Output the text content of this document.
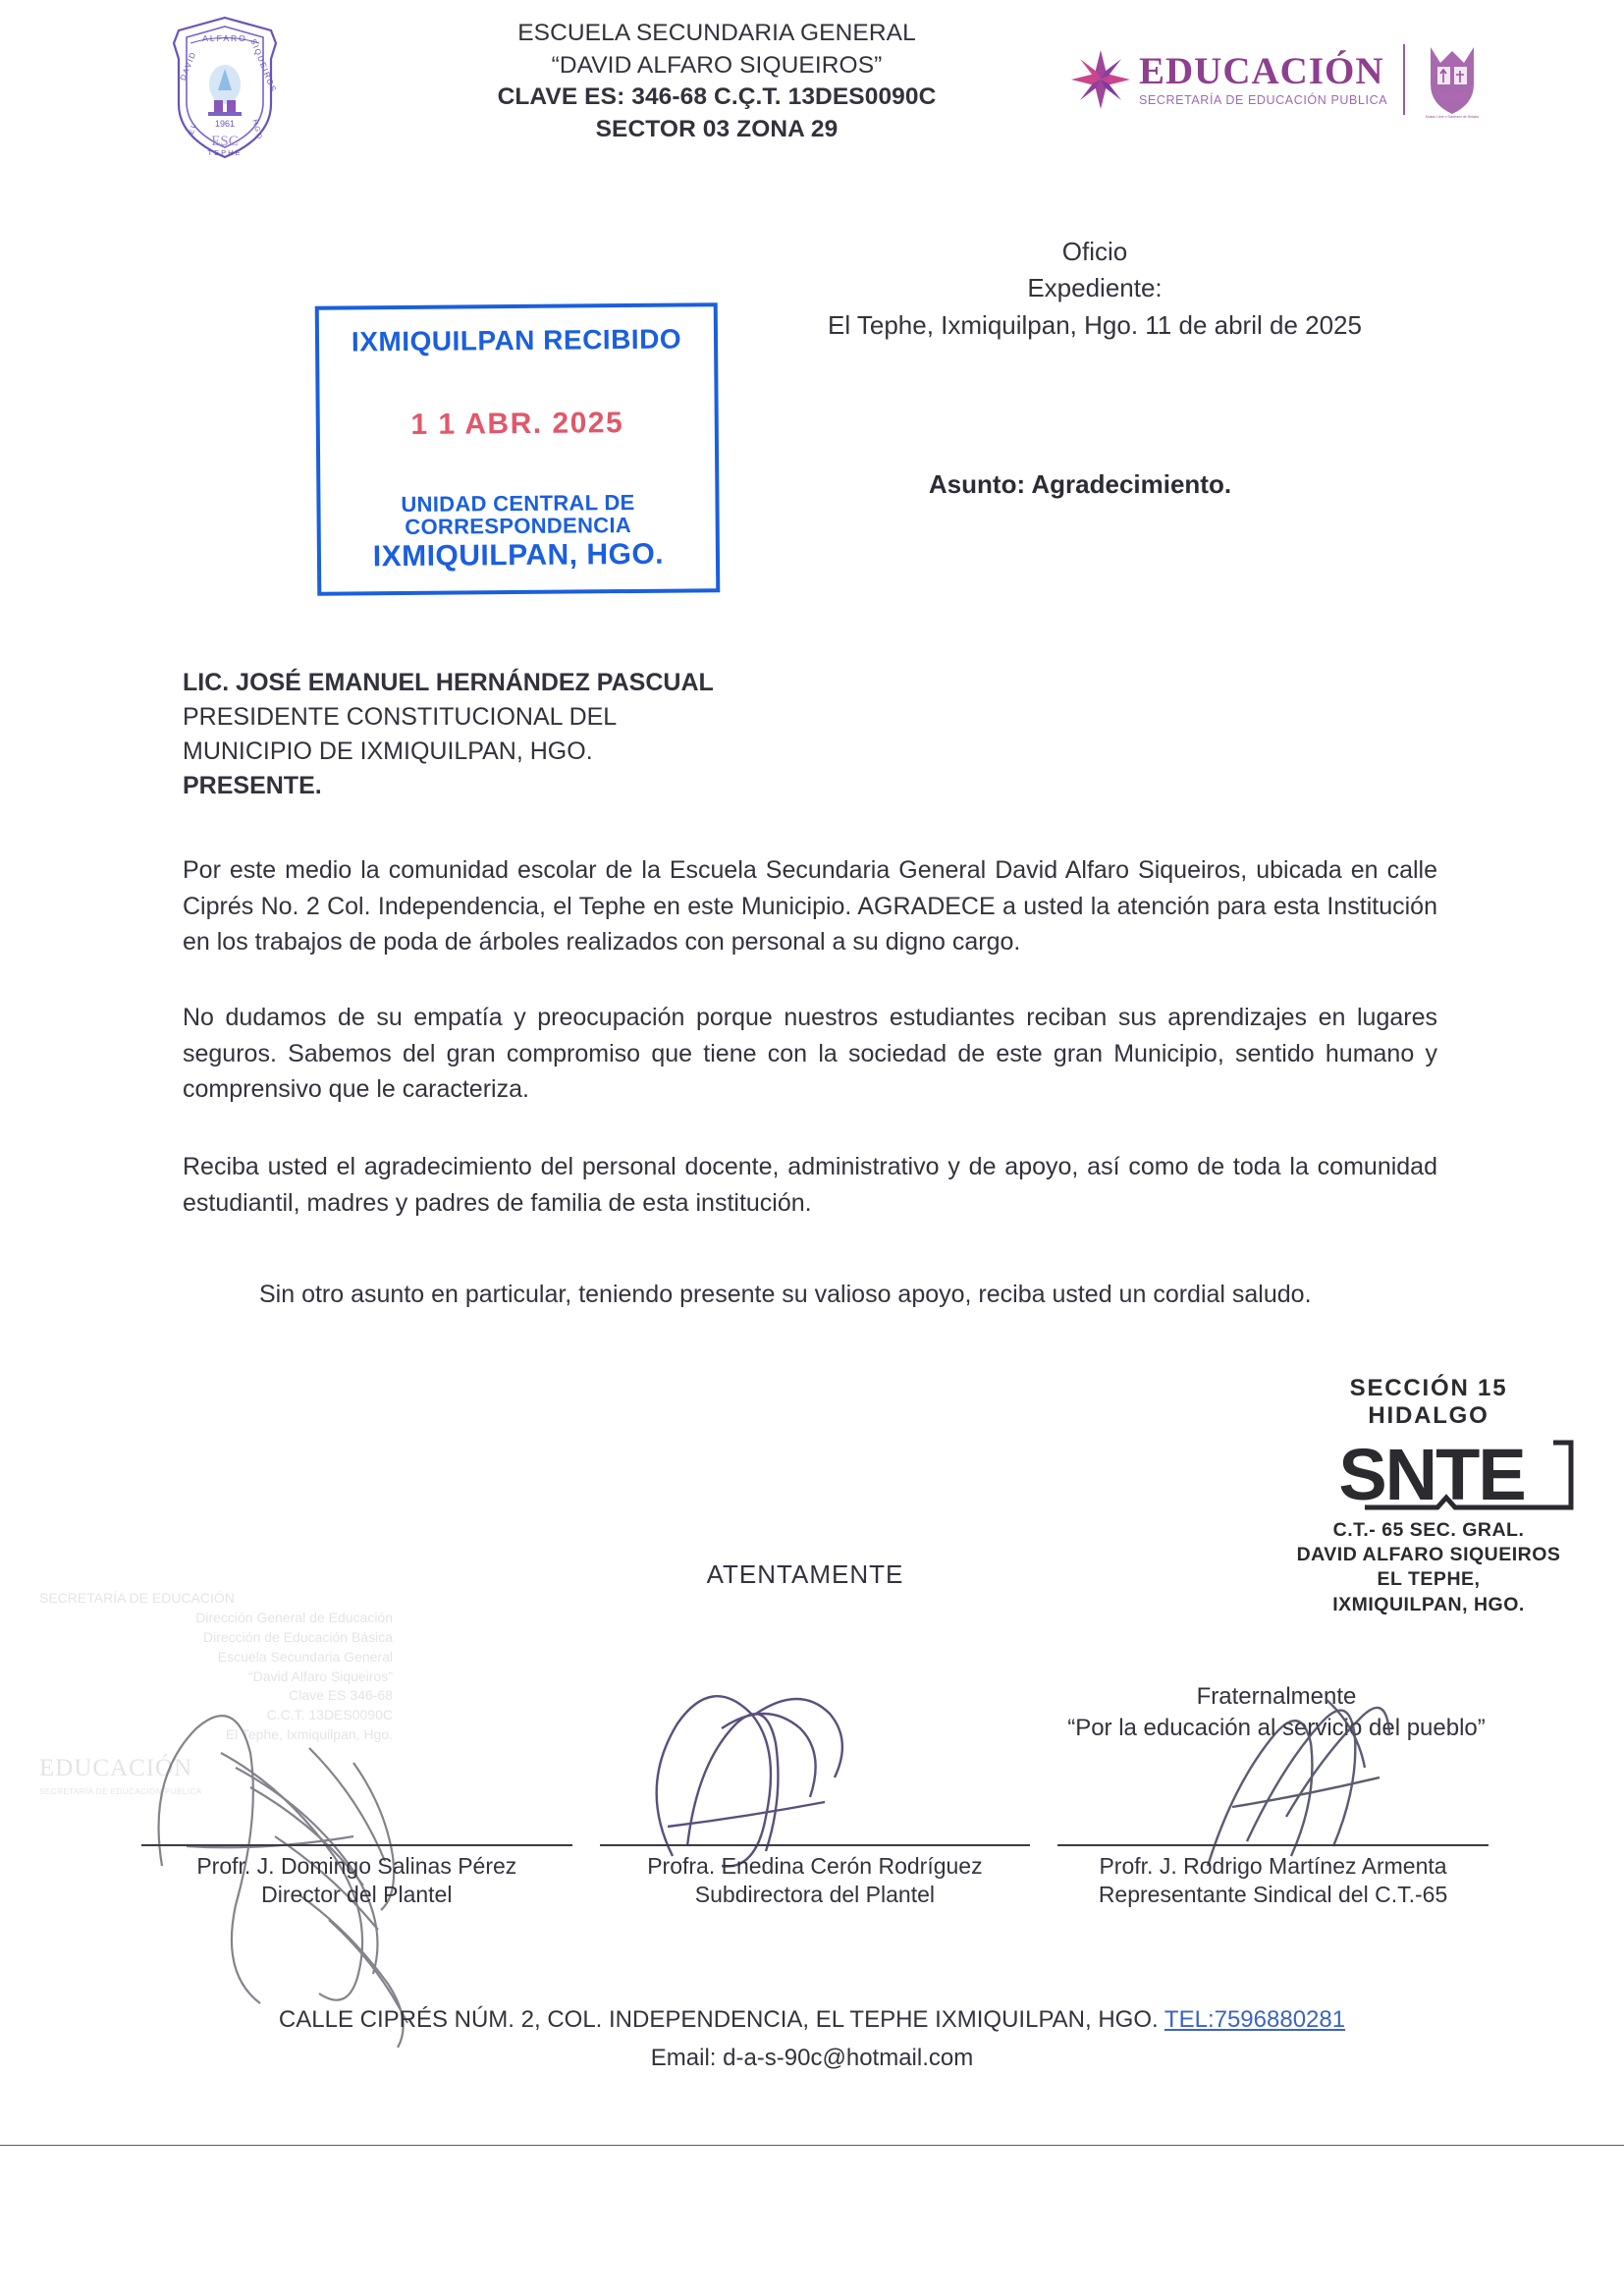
ALFARO
DAVID	SIQUEIROS
1961
ESC
E L	H G O
TEPHE
ESCUELA SECUNDARIA GENERAL
“DAVID ALFARO SIQUEIROS”
CLAVE ES: 346-68 C.Ç.T. 13DES0090C
SECTOR 03 ZONA 29
EDUCACIÓN
SECRETARÍA DE EDUCACIÓN PUBLICA
Estado Libre y Soberano de Hidalgo
IXMIQUILPAN RECIBIDO
1 1 ABR. 2025
UNIDAD CENTRAL DE
CORRESPONDENCIA
IXMIQUILPAN, HGO.
Oficio
Expediente:
El Tephe, Ixmiquilpan, Hgo. 11 de abril de 2025
Asunto: Agradecimiento.
LIC. JOSÉ EMANUEL HERNÁNDEZ PASCUAL
PRESIDENTE CONSTITUCIONAL DEL
MUNICIPIO DE IXMIQUILPAN, HGO.
PRESENTE.
Por este medio la comunidad escolar de la Escuela Secundaria General David Alfaro Siqueiros, ubicada en calle Ciprés No. 2 Col. Independencia, el Tephe en este Municipio. AGRADECE a usted la atención para esta Institución en los trabajos de poda de árboles realizados con personal a su digno cargo.
No dudamos de su empatía y preocupación porque nuestros estudiantes reciban sus aprendizajes en lugares seguros. Sabemos del gran compromiso que tiene con la sociedad de este gran Municipio, sentido humano y comprensivo que le caracteriza.
Reciba usted el agradecimiento del personal docente, administrativo y de apoyo, así como de toda la comunidad estudiantil, madres y padres de familia de esta institución.
Sin otro asunto en particular, teniendo presente su valioso apoyo, reciba usted un cordial saludo.
SECCIÓN 15
HIDALGO
SNTE
C.T.- 65 SEC. GRAL.
DAVID ALFARO SIQUEIROS
EL TEPHE,
IXMIQUILPAN, HGO.
ATENTAMENTE
Fraternalmente
“Por la educación al servicio del pueblo”
SECRETARÍA DE EDUCACIÓN
Dirección General de Educación
Dirección de Educación Básica
Escuela Secundaria General
“David Alfaro Siqueiros”
Clave ES 346-68
C.C.T. 13DES0090C
El Tephe, Ixmiquilpan, Hgo.
EDUCACIÓN
SECRETARÍA DE EDUCACIÓN PUBLICA
Profr. J. Domingo Salinas Pérez
Director del Plantel
Profra. Enedina Cerón Rodríguez
Subdirectora del Plantel
Profr. J. Rodrigo Martínez Armenta
Representante Sindical del C.T.-65
CALLE CIPRÉS NÚM. 2, COL. INDEPENDENCIA, EL TEPHE IXMIQUILPAN, HGO. TEL:7596880281
Email: d-a-s-90c@hotmail.com
